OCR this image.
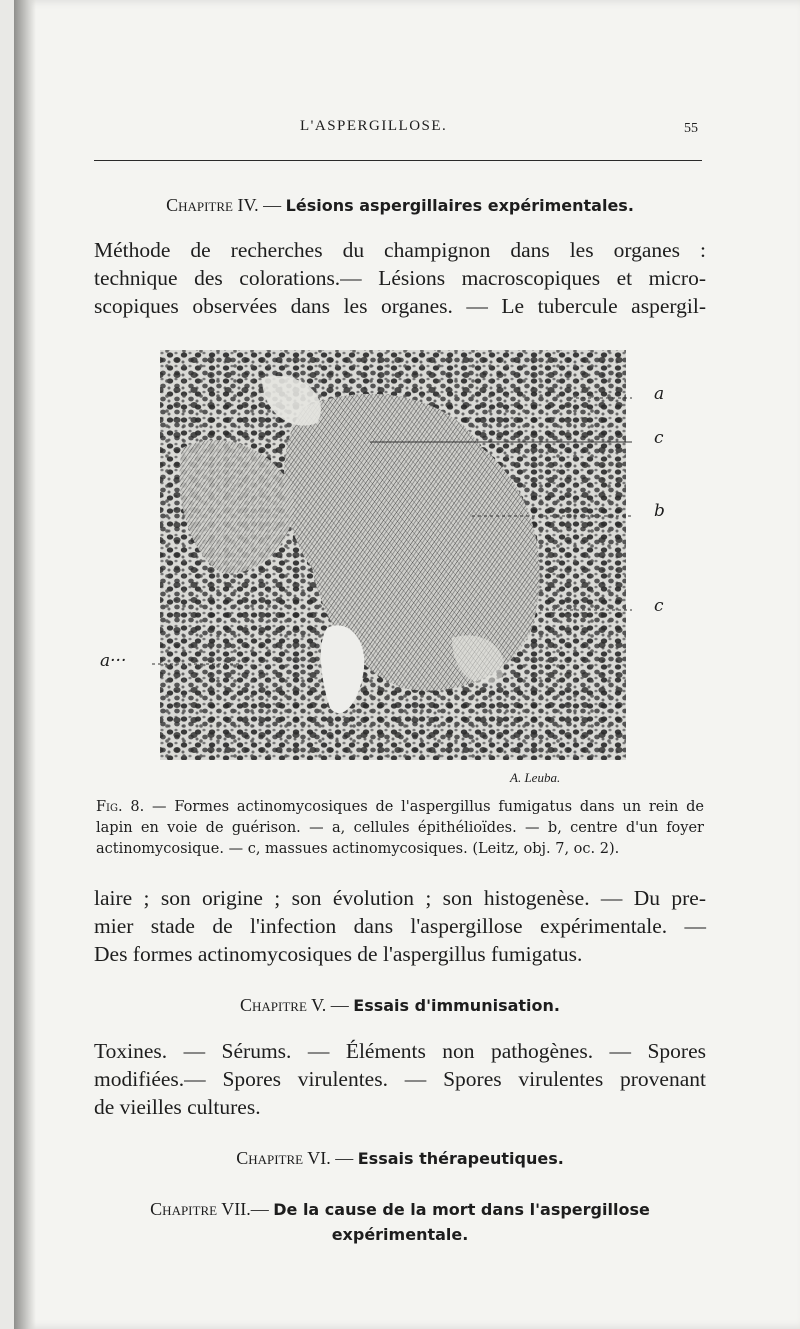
L'ASPERGILLOSE.	55
Chapitre IV. — Lésions aspergillaires expérimentales.
Méthode de recherches du champignon dans les organes :
technique des colorations.— Lésions macroscopiques et micro-
scopiques observées dans les organes. — Le tubercule aspergil-
a
c
b
c
a···
A. Leuba.
Fig. 8. — Formes actinomycosiques de l'aspergillus fumigatus dans un rein de
lapin en voie de guérison. — a, cellules épithélioïdes. — b, centre d'un foyer
actinomycosique. — c, massues actinomycosiques. (Leitz, obj. 7, oc. 2).
laire ; son origine ; son évolution ; son histogenèse. — Du pre-
mier stade de l'infection dans l'aspergillose expérimentale. —
Des formes actinomycosiques de l'aspergillus fumigatus.
Chapitre V. — Essais d'immunisation.
Toxines. — Sérums. — Éléments non pathogènes. — Spores
modifiées.— Spores virulentes. — Spores virulentes provenant
de vieilles cultures.
Chapitre VI. — Essais thérapeutiques.
Chapitre VII.— De la cause de la mort dans l'aspergillose
expérimentale.
